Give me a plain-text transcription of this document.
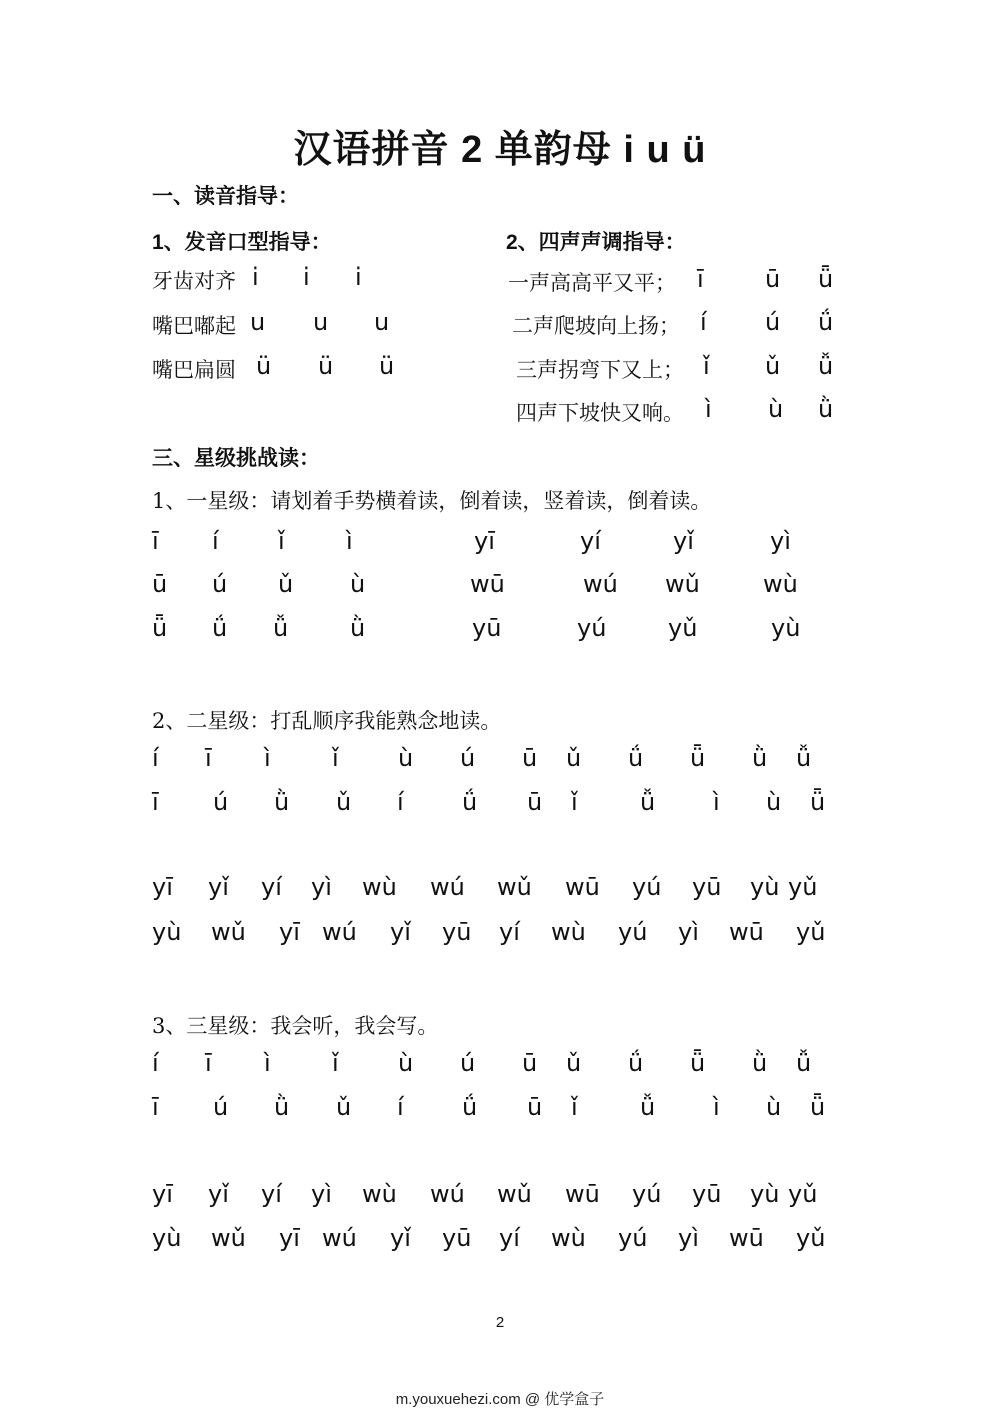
汉语拼音 2 单韵母 i u ü
一、读音指导：
1、发音口型指导：	2、四声声调指导：
牙齿对齐 i i i
嘴巴嘟起 u u u
嘴巴扁圆 ü ü ü
一声高高平又平； ī	ū ǖ
二声爬坡向上扬； í ú ǘ
三声拐弯下又上； ǐ ǔ ǚ
四声下坡快又响。 ì ù ǜ
三、星级挑战读：
1、一星级：请划着手势横着读，倒着读，竖着读，倒着读。
ī í ǐ	ì	yī	yí	yǐ	yì
ū ú ǔ ù	wū	wú wǔ	wù
ǖ ǘ ǚ	ǜ	yū	yú	yǔ	yù
2、二星级：打乱顺序我能熟念地读。
í ī ì	ǐ ù ú ū ǔ ǘ ǖ ǜ ǚ
ī ú ǜ ǔ í ǘ ū ǐ	ǚ ì ù ǖ
yī yǐ yí yì wù wú wǔ wū yú yū yù yǔ
yù wǔ yī wú yǐ yū yí wù yú yì wū yǔ
3、三星级：我会听，我会写。
í ī ì	ǐ ù ú ū ǔ ǘ ǖ ǜ ǚ
ī ú ǜ ǔ í ǘ ū ǐ	ǚ ì ù ǖ
yī yǐ yí yì wù wú wǔ wū yú yū yù yǔ
yù wǔ yī wú yǐ yū yí wù yú yì wū yǔ
2
m.youxuehezi.com @ 优学盒子
